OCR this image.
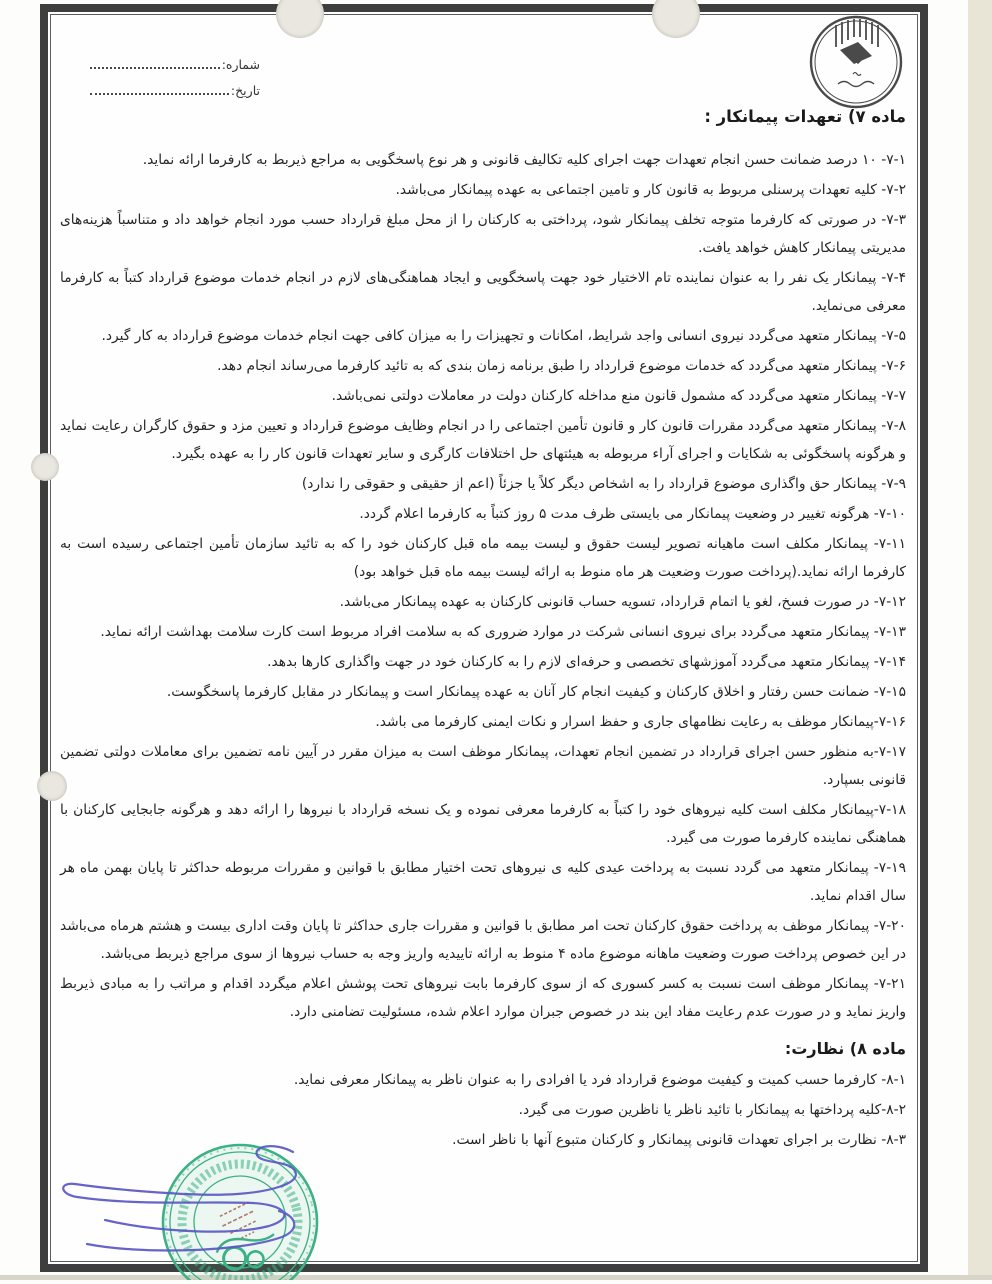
شماره:
تاریخ:
ماده ۷) تعهدات پیمانکار :

۷-۱- ۱۰ درصد ضمانت حسن انجام تعهدات جهت اجرای کلیه تکالیف قانونی و هر نوع پاسخگویی به مراجع ذیربط به کارفرما ارائه نماید.

۷-۲- کلیه تعهدات پرسنلی مربوط به قانون کار و تامین اجتماعی به عهده پیمانکار می‌باشد.

۷-۳- در صورتی که کارفرما متوجه تخلف پیمانکار شود، پرداختی به کارکنان را از محل مبلغ قرارداد حسب مورد انجام خواهد داد و متناسباً هزینه‌های مدیریتی پیمانکار کاهش خواهد یافت.

۷-۴- پیمانکار یک نفر را به عنوان نماینده تام الاختیار خود جهت پاسخگویی و ایجاد هماهنگی‌های لازم در انجام خدمات موضوع قرارداد کتباً به کارفرما معرفی می‌نماید.

۷-۵- پیمانکار متعهد می‌گردد نیروی انسانی واجد شرایط، امکانات و تجهیزات را به میزان کافی جهت انجام خدمات موضوع قرارداد به کار گیرد.

۷-۶- پیمانکار متعهد می‌گردد که خدمات موضوع قرارداد را طبق برنامه زمان بندی که به تائید کارفرما می‌رساند انجام دهد.

۷-۷- پیمانکار متعهد می‌گردد که مشمول قانون منع مداخله کارکنان دولت در معاملات دولتی نمی‌باشد.

۷-۸- پیمانکار متعهد می‌گردد مقررات قانون کار و قانون تأمین اجتماعی را در انجام وظایف موضوع قرارداد و تعیین مزد و حقوق کارگران رعایت نماید و هرگونه پاسخگوئی به شکایات و اجرای آراء مربوطه به هیئتهای حل اختلافات کارگری و سایر تعهدات قانون کار را به عهده بگیرد.

۷-۹- پیمانکار حق واگذاری موضوع قرارداد را به اشخاص دیگر کلاً یا جزئاً (اعم از حقیقی و حقوقی را ندارد)

۷-۱۰- هرگونه تغییر در وضعیت پیمانکار می بایستی ظرف مدت ۵ روز کتباً به کارفرما اعلام گردد.

۷-۱۱- پیمانکار مکلف است ماهیانه تصویر لیست حقوق و لیست بیمه ماه قبل کارکنان خود را که به تائید سازمان تأمین اجتماعی رسیده است به کارفرما ارائه نماید.(پرداخت صورت وضعیت هر ماه منوط به ارائه لیست بیمه ماه قبل خواهد بود)

۷-۱۲- در صورت فسخ، لغو یا اتمام قرارداد، تسویه حساب قانونی کارکنان به عهده پیمانکار می‌باشد.

۷-۱۳- پیمانکار متعهد می‌گردد برای نیروی انسانی شرکت در موارد ضروری که به سلامت افراد مربوط است کارت سلامت بهداشت ارائه نماید.

۷-۱۴- پیمانکار متعهد می‌گردد آموزشهای تخصصی و حرفه‌ای لازم را به کارکنان خود در جهت واگذاری کارها بدهد.

۷-۱۵- ضمانت حسن رفتار و اخلاق کارکنان و کیفیت انجام کار آنان به عهده پیمانکار است و پیمانکار در مقابل کارفرما پاسخگوست.

۷-۱۶-پیمانکار موظف به رعایت نظامهای جاری و حفظ اسرار و نکات ایمنی کارفرما می باشد.

۷-۱۷-به منظور حسن اجرای قرارداد در تضمین انجام تعهدات، پیمانکار موظف است به میزان مقرر در آیین نامه تضمین برای معاملات دولتی تضمین قانونی بسپارد.

۷-۱۸-پیمانکار مکلف است کلیه نیروهای خود را کتباً به کارفرما معرفی نموده و یک نسخه قرارداد با نیروها را ارائه دهد و هرگونه جابجایی کارکنان با هماهنگی نماینده کارفرما صورت می گیرد.

۷-۱۹- پیمانکار متعهد می گردد نسبت به پرداخت عیدی کلیه ی نیروهای تحت اختیار مطابق با قوانین و مقررات مربوطه حداکثر تا پایان بهمن ماه هر سال اقدام نماید.

۷-۲۰- پیمانکار موظف به پرداخت حقوق کارکنان تحت امر مطابق با قوانین و مقررات جاری حداکثر تا پایان وقت اداری بیست و هشتم هرماه می‌باشد در این خصوص پرداخت صورت وضعیت ماهانه موضوع ماده ۴ منوط به ارائه تاییدیه واریز وجه به حساب نیروها از سوی مراجع ذیربط می‌باشد.

۷-۲۱- پیمانکار موظف است نسبت به کسر کسوری که از سوی کارفرما بابت نیروهای تحت پوشش اعلام میگردد اقدام و مراتب را به مبادی ذیربط واریز نماید و در صورت عدم رعایت مفاد این بند در خصوص جبران موارد اعلام شده، مسئولیت تضامنی دارد.

ماده ۸) نظارت:

۸-۱- کارفرما حسب کمیت و کیفیت موضوع قرارداد فرد یا افرادی را به عنوان ناظر به پیمانکار معرفی نماید.

۸-۲-کلیه پرداختها به پیمانکار با تائید ناظر یا ناظرین صورت می گیرد.

۸-۳- نظارت بر اجرای تعهدات قانونی پیمانکار و کارکنان متبوع آنها با ناظر است.
